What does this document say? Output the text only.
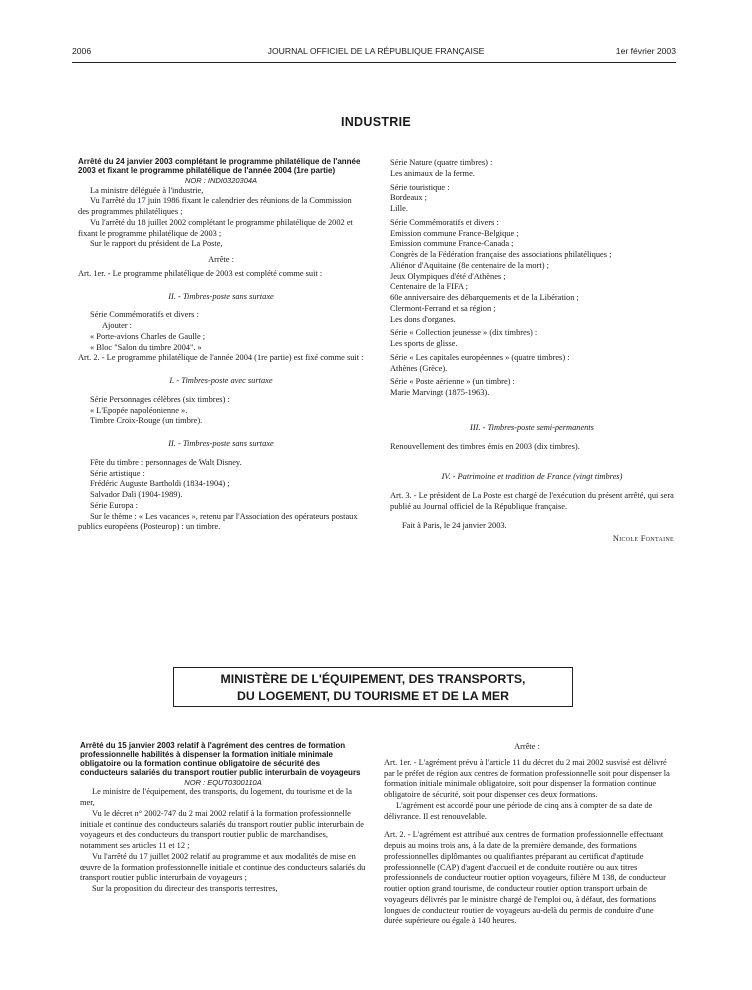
2006	JOURNAL OFFICIEL DE LA RÉPUBLIQUE FRANÇAISE	1er février 2003
INDUSTRIE

Arrêté du 24 janvier 2003 complétant le programme philatélique de l'année 2003 et fixant le programme philatélique de l'année 2004 (1re partie)

NOR : INDI0320304A

La ministre déléguée à l'industrie,

Vu l'arrêté du 17 juin 1986 fixant le calendrier des réunions de la Commission des programmes philatéliques ;

Vu l'arrêté du 18 juillet 2002 complétant le programme philatélique de 2002 et fixant le programme philatélique de 2003 ;

Sur le rapport du président de La Poste,

Arrête :

Art. 1er. - Le programme philatélique de 2003 est complété comme suit :

II. - Timbres-poste sans surtaxe

Série Commémoratifs et divers :

Ajouter :

« Porte-avions Charles de Gaulle ;

« Bloc "Salon du timbre 2004". »

Art. 2. - Le programme philatélique de l'année 2004 (1re partie) est fixé comme suit :

I. - Timbres-poste avec surtaxe

Série Personnages célèbres (six timbres) :

« L'Epopée napoléonienne ».

Timbre Croix-Rouge (un timbre).

II. - Timbres-poste sans surtaxe

Fête du timbre : personnages de Walt Disney.

Série artistique :

Frédéric Auguste Bartholdi (1834-1904) ;

Salvador Dali (1904-1989).

Série Europa :

Sur le thème : « Les vacances », retenu par l'Association des opérateurs postaux publics européens (Posteurop) : un timbre.

Série Nature (quatre timbres) :

Les animaux de la ferme.

Série touristique :

Bordeaux ;

Lille.

Série Commémoratifs et divers :

Emission commune France-Belgique ;

Emission commune France-Canada ;

Congrès de la Fédération française des associations philatéliques ;

Aliénor d'Aquitaine (8e centenaire de la mort) ;

Jeux Olympiques d'été d'Athènes ;

Centenaire de la FIFA ;

60e anniversaire des débarquements et de la Libération ;

Clermont-Ferrand et sa région ;

Les dons d'organes.

Série « Collection jeunesse » (dix timbres) :

Les sports de glisse.

Série « Les capitales européennes » (quatre timbres) :

Athènes (Grèce).

Série « Poste aérienne » (un timbre) :

Marie Marvingt (1875-1963).

III. - Timbres-poste semi-permanents

Renouvellement des timbres émis en 2003 (dix timbres).

IV. - Patrimoine et tradition de France (vingt timbres)

Art. 3. - Le président de La Poste est chargé de l'exécution du présent arrêté, qui sera publié au Journal officiel de la République française.

Fait à Paris, le 24 janvier 2003.

Nicole Fontaine

MINISTÈRE DE L'ÉQUIPEMENT, DES TRANSPORTS,
DU LOGEMENT, DU TOURISME ET DE LA MER

Arrêté du 15 janvier 2003 relatif à l'agrément des centres de formation professionnelle habilités à dispenser la formation initiale minimale obligatoire ou la formation continue obligatoire de sécurité des conducteurs salariés du transport routier public interurbain de voyageurs

NOR : EQUT0300110A

Le ministre de l'équipement, des transports, du logement, du tourisme et de la mer,

Vu le décret n° 2002-747 du 2 mai 2002 relatif à la formation professionnelle initiale et continue des conducteurs salariés du transport routier public interurbain de voyageurs et des conducteurs du transport routier public de marchandises, notamment ses articles 11 et 12 ;

Vu l'arrêté du 17 juillet 2002 relatif au programme et aux modalités de mise en œuvre de la formation professionnelle initiale et continue des conducteurs salariés du transport routier public interurbain de voyageurs ;

Sur la proposition du directeur des transports terrestres,

Arrête :

Art. 1er. - L'agrément prévu à l'article 11 du décret du 2 mai 2002 susvisé est délivré par le préfet de région aux centres de formation professionnelle soit pour dispenser la formation initiale minimale obligatoire, soit pour dispenser la formation continue obligatoire de sécurité, soit pour dispenser ces deux formations.

L'agrément est accordé pour une période de cinq ans à compter de sa date de délivrance. Il est renouvelable.

Art. 2. - L'agrément est attribué aux centres de formation professionnelle effectuant depuis au moins trois ans, à la date de la première demande, des formations professionnelles diplômantes ou qualifiantes préparant au certificat d'aptitude professionnelle (CAP) d'agent d'accueil et de conduite routière ou aux titres professionnels de conducteur routier option voyageurs, filière M 138, de conducteur routier option grand tourisme, de conducteur routier option transport urbain de voyageurs délivrés par le ministre chargé de l'emploi ou, à défaut, des formations longues de conducteur routier de voyageurs au-delà du permis de conduire d'une durée supérieure ou égale à 140 heures.
